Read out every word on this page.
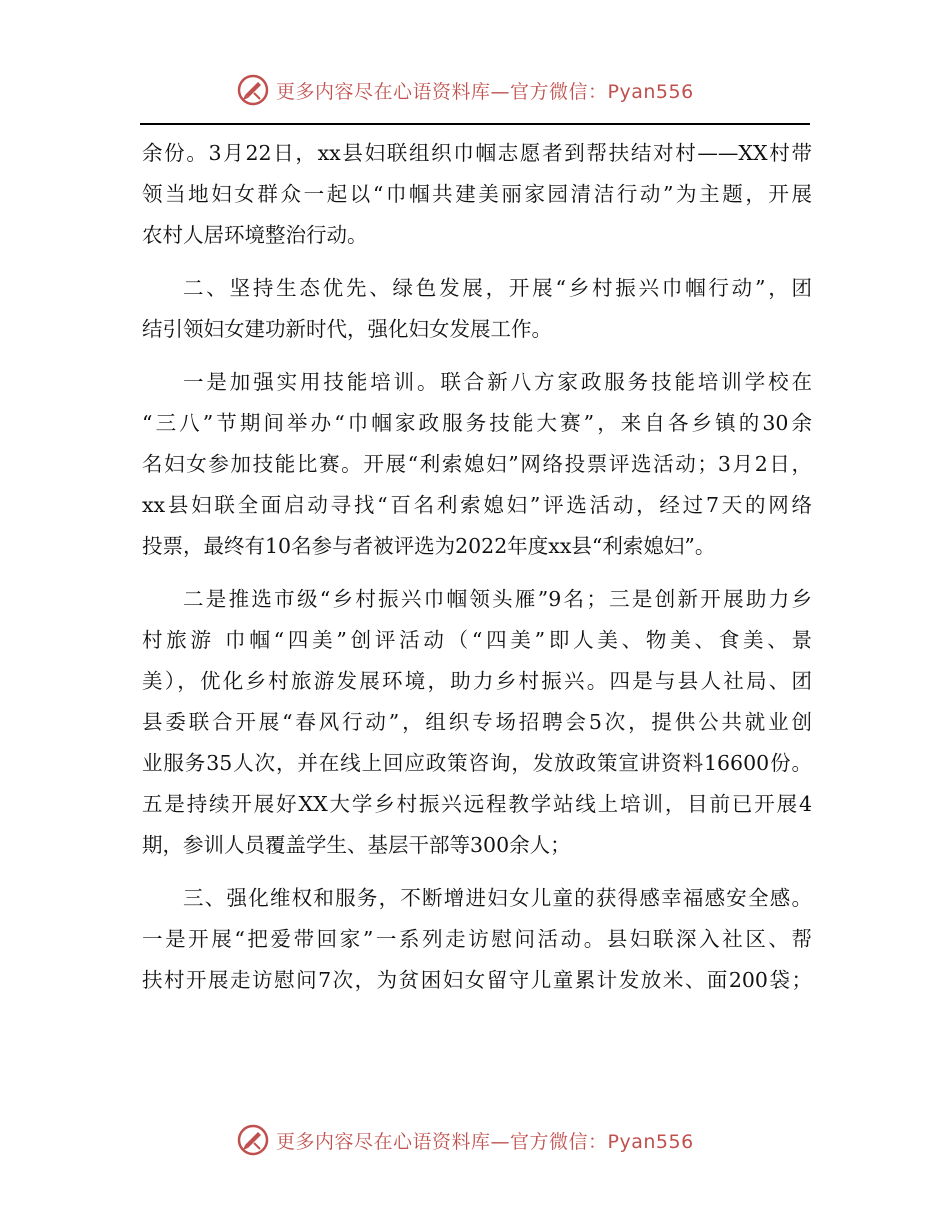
更多内容尽在心语资料库—官方微信：Pyan556
余份。3月22日，xx县妇联组织巾帼志愿者到帮扶结对村——XX村带
领当地妇女群众一起以“巾帼共建美丽家园清洁行动”为主题，开展
农村人居环境整治行动。
二、坚持生态优先、绿色发展，开展“乡村振兴巾帼行动”，团
结引领妇女建功新时代，强化妇女发展工作。
一是加强实用技能培训。联合新八方家政服务技能培训学校在
“三八”节期间举办“巾帼家政服务技能大赛”，来自各乡镇的30余
名妇女参加技能比赛。开展“利索媳妇”网络投票评选活动；3月2日，
xx县妇联全面启动寻找“百名利索媳妇”评选活动，经过7天的网络
投票，最终有10名参与者被评选为2022年度xx县“利索媳妇”。
二是推选市级“乡村振兴巾帼领头雁”9名；三是创新开展助力乡
村旅游 巾帼“四美”创评活动（“四美”即人美、物美、食美、景
美），优化乡村旅游发展环境，助力乡村振兴。四是与县人社局、团
县委联合开展“春风行动”，组织专场招聘会5次，提供公共就业创
业服务35人次，并在线上回应政策咨询，发放政策宣讲资料16600份。
五是持续开展好XX大学乡村振兴远程教学站线上培训，目前已开展4
期，参训人员覆盖学生、基层干部等300余人；
三、强化维权和服务，不断增进妇女儿童的获得感幸福感安全感。
一是开展“把爱带回家”一系列走访慰问活动。县妇联深入社区、帮
扶村开展走访慰问7次，为贫困妇女留守儿童累计发放米、面200袋；
更多内容尽在心语资料库—官方微信：Pyan556
